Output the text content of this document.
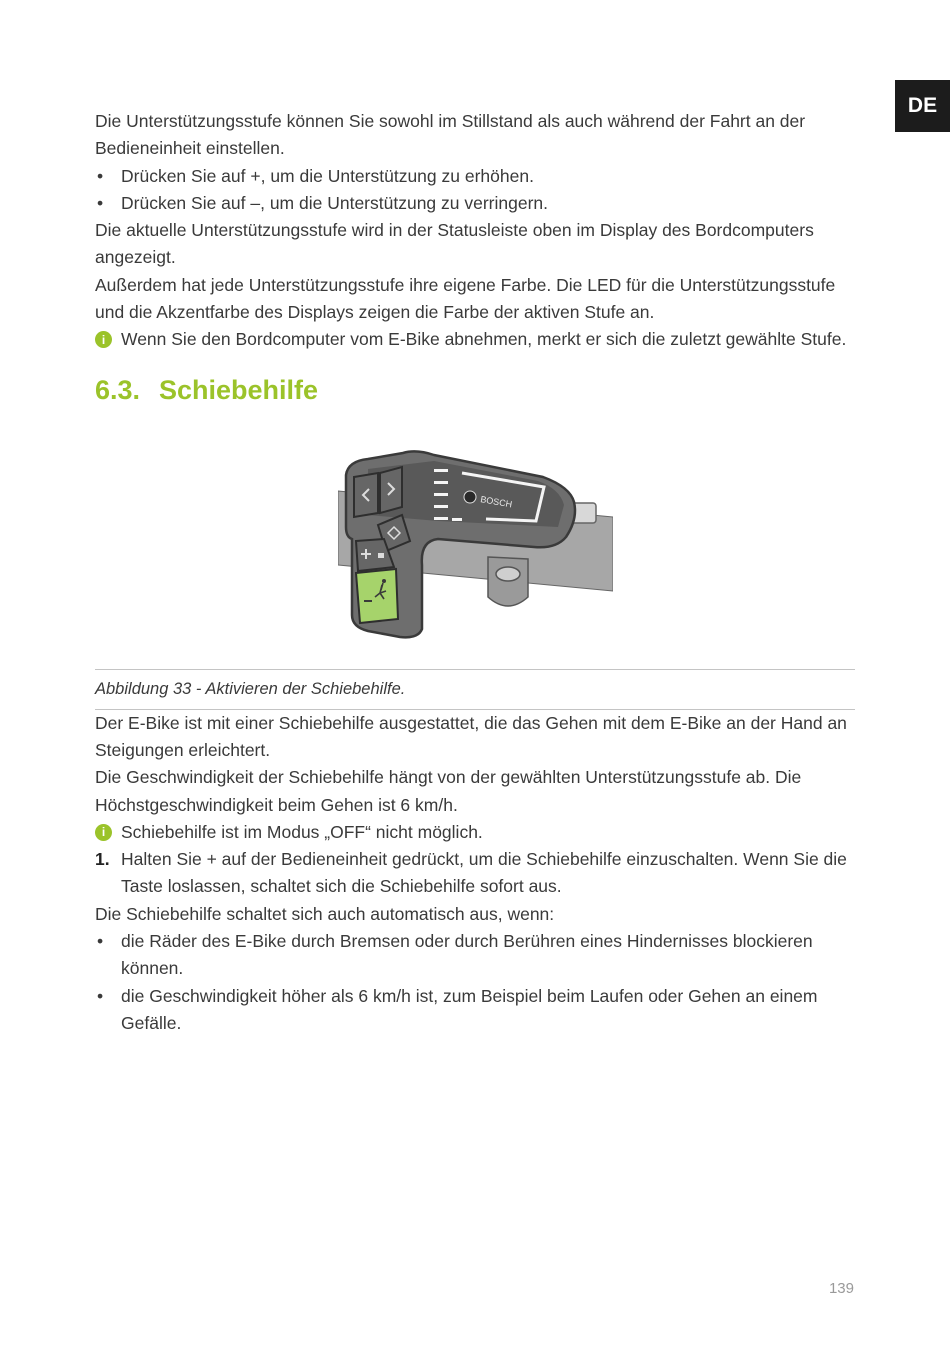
DE

Die Unterstützungsstufe können Sie sowohl im Stillstand als auch während der Fahrt an der Bedieneinheit einstellen.

• Drücken Sie auf +, um die Unterstützung zu erhöhen.
• Drücken Sie auf –, um die Unterstützung zu verringern.

Die aktuelle Unterstützungsstufe wird in der Statusleiste oben im Display des Bordcomputers angezeigt.

Außerdem hat jede Unterstützungsstufe ihre eigene Farbe. Die LED für die Unterstützungsstufe und die Akzentfarbe des Displays zeigen die Farbe der aktiven Stufe an.

i Wenn Sie den Bordcomputer vom E-Bike abnehmen, merkt er sich die zuletzt gewählte Stufe.
6.3. Schiebehilfe
BOSCH
Abbildung 33 - Aktivieren der Schiebehilfe.

Der E-Bike ist mit einer Schiebehilfe ausgestattet, die das Gehen mit dem E-Bike an der Hand an Steigungen erleichtert.

Die Geschwindigkeit der Schiebehilfe hängt von der gewählten Unterstützungsstufe ab. Die Höchstgeschwindigkeit beim Gehen ist 6 km/h.

i Schiebehilfe ist im Modus „OFF“ nicht möglich.
1. Halten Sie + auf der Bedieneinheit gedrückt, um die Schiebehilfe einzuschalten. Wenn Sie die Taste loslassen, schaltet sich die Schiebehilfe sofort aus.

Die Schiebehilfe schaltet sich auch automatisch aus, wenn:

• die Räder des E-Bike durch Bremsen oder durch Berühren eines Hindernisses blockieren können.
• die Geschwindigkeit höher als 6 km/h ist, zum Beispiel beim Laufen oder Gehen an einem Gefälle.
139
